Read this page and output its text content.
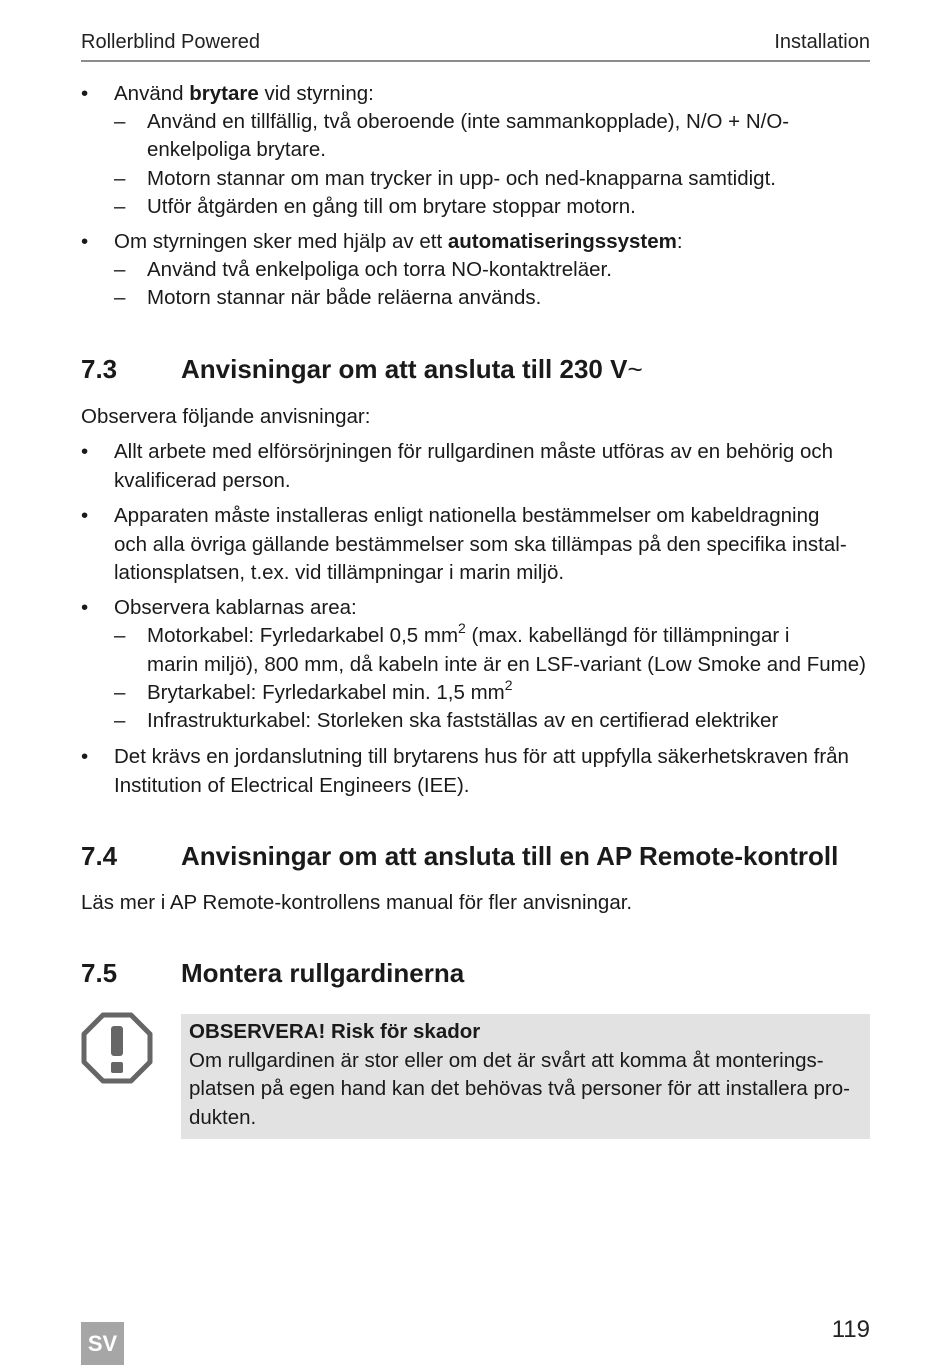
Rollerblind Powered	Installation
• Använd brytare vid styrning:
– Använd en tillfällig, två oberoende (inte sammankopplade), N/O + N/O-
enkelpoliga brytare.
– Motorn stannar om man trycker in upp- och ned-knapparna samtidigt.
– Utför åtgärden en gång till om brytare stoppar motorn.
• Om styrningen sker med hjälp av ett automatiseringssystem:
– Använd två enkelpoliga och torra NO-kontaktreläer.
– Motorn stannar när både reläerna används.
7.3 Anvisningar om att ansluta till 230 V~
Observera följande anvisningar:
• Allt arbete med elförsörjningen för rullgardinen måste utföras av en behörig och
kvalificerad person.
• Apparaten måste installeras enligt nationella bestämmelser om kabeldragning
och alla övriga gällande bestämmelser som ska tillämpas på den specifika instal-
lationsplatsen, t.ex. vid tillämpningar i marin miljö.
• Observera kablarnas area:
– Motorkabel: Fyrledarkabel 0,5 $mm^2$ (max. kabellängd för tillämpningar i
marin miljö), 800 mm, då kabeln inte är en LSF-variant (Low Smoke and Fume)
– Brytarkabel: Fyrledarkabel min. 1,5 $mm^2$
– Infrastrukturkabel: Storleken ska fastställas av en certifierad elektriker
• Det krävs en jordanslutning till brytarens hus för att uppfylla säkerhetskraven från
Institution of Electrical Engineers (IEE).
7.4 Anvisningar om att ansluta till en AP Remote-kontroll
Läs mer i AP Remote-kontrollens manual för fler anvisningar.
7.5 Montera rullgardinerna
OBSERVERA! Risk för skador
Om rullgardinen är stor eller om det är svårt att komma åt monterings-
platsen på egen hand kan det behövas två personer för att installera pro-
dukten.
SV
119
